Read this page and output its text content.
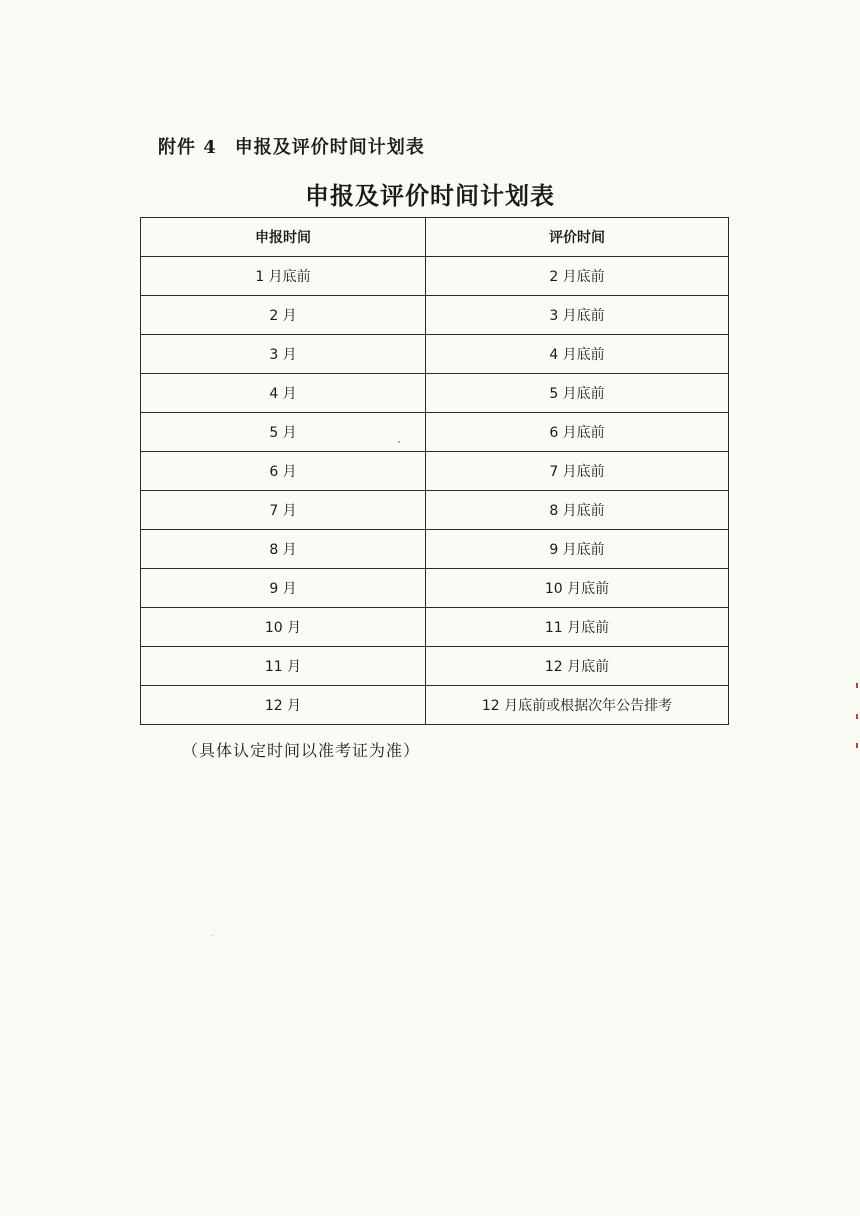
附件 4 申报及评价时间计划表
申报及评价时间计划表
申报时间	评价时间
1 月底前	2 月底前
2 月	3 月底前
3 月	4 月底前
4 月	5 月底前
5 月	6 月底前
6 月	7 月底前
7 月	8 月底前
8 月	9 月底前
9 月	10 月底前
10 月	11 月底前
11 月	12 月底前
12 月	12 月底前或根据次年公告排考
（具体认定时间以准考证为准）
